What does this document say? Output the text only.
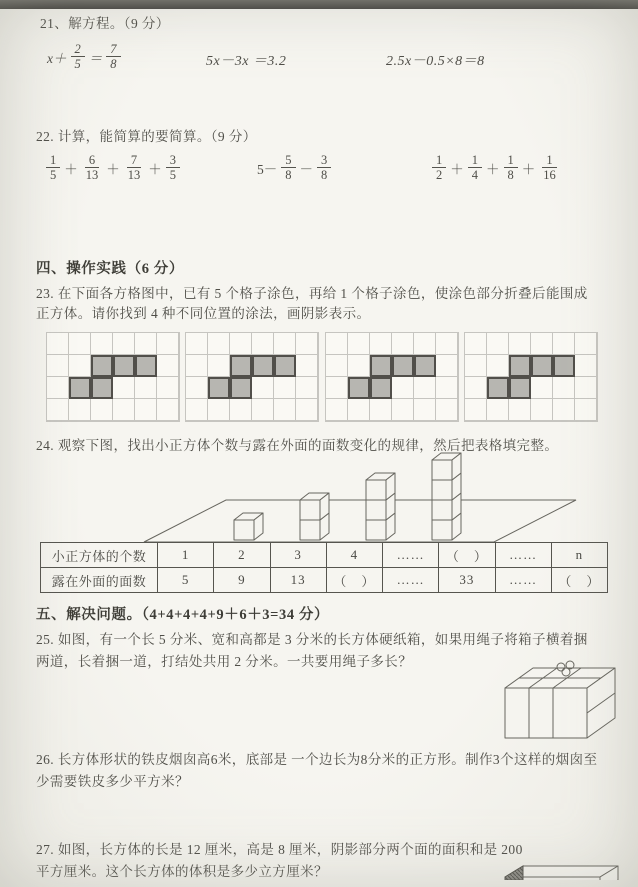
21、解方程。（9 分）
$x+ \frac{2}{5} = \frac{7}{8}$	5x－3x ＝3.2	2.5x－0.5×8＝8
22. 计算，能简算的要简算。（9 分）
$\frac{1}{5} + \frac{6}{13} + \frac{7}{13} + \frac{3}{5}$	$5- \frac{5}{8} - \frac{3}{8}$	$\frac{1}{2} + \frac{1}{4} + \frac{1}{8} + \frac{1}{16}$
四、操作实践（6 分）
23. 在下面各方格图中，已有 5 个格子涂色，再给 1 个格子涂色，使涂色部分折叠后能围成
正方体。请你找到 4 种不同位置的涂法，画阴影表示。
24. 观察下图，找出小正方体个数与露在外面的面数变化的规律，然后把表格填完整。
小正方体的个数	1	2	3	4	……	（　）	……	n
露在外面的面数	5	9	13	（　）	……	33	……	（　）
五、解决问题。（4+4+4+4+9＋6＋3=34 分）
25. 如图，有一个长 5 分米、宽和高都是 3 分米的长方体硬纸箱，如果用绳子将箱子横着捆
两道，长着捆一道，打结处共用 2 分米。一共要用绳子多长？
26. 长方体形状的铁皮烟囱高6米，底部是 一个边长为8分米的正方形。制作3个这样的烟囱至
少需要铁皮多少平方米？
27. 如图，长方体的长是 12 厘米，高是 8 厘米，阴影部分两个面的面积和是 200
平方厘米。这个长方体的体积是多少立方厘米？
